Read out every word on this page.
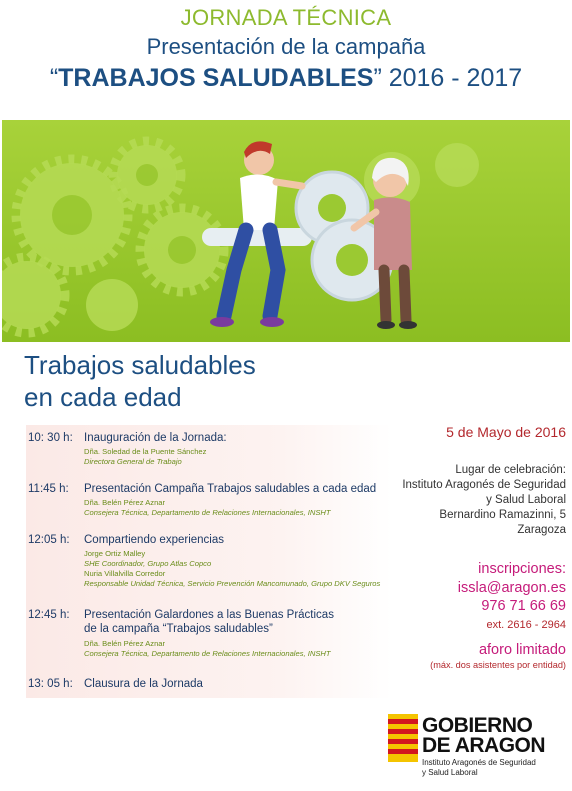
JORNADA TÉCNICA
Presentación de la campaña
“TRABAJOS SALUDABLES” 2016 - 2017
Trabajos saludables
en cada edad
10: 30 h: Inauguración de la Jornada:
Dña. Soledad de la Puente Sánchez
Directora General de Trabajo
11:45 h:	Presentación Campaña Trabajos saludables a cada edad
Dña. Belén Pérez Aznar
Consejera Técnica, Departamento de Relaciones Internacionales, INSHT
12:05 h:	Compartiendo experiencias
Jorge Ortiz Malley
SHE Coordinador, Grupo Atlas Copco
Nuria Villalvilla Corredor
Responsable Unidad Técnica, Servicio Prevención Mancomunado, Grupo DKV Seguros
12:45 h:	Presentación Galardones a las Buenas Prácticas
de la campaña “Trabajos saludables”
Dña. Belén Pérez Aznar
Consejera Técnica, Departamento de Relaciones Internacionales, INSHT
13: 05 h: Clausura de la Jornada
5 de Mayo de 2016
Lugar de celebración:
Instituto Aragonés de Seguridad
y Salud Laboral
Bernardino Ramazinni, 5
Zaragoza
inscripciones:
issla@aragon.es
976 71 66 69
ext. 2616 - 2964
aforo limitado
(máx. dos asistentes por entidad)
GOBIERNO
DE ARAGON
Instituto Aragonés de Seguridad
y Salud Laboral
